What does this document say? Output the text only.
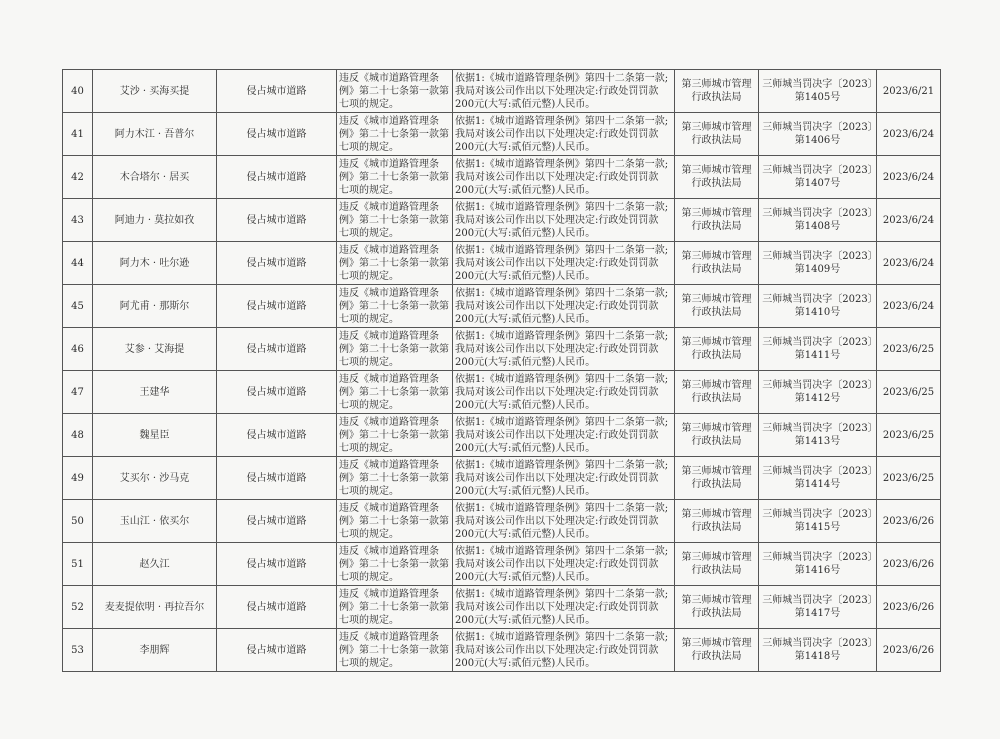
40	艾沙 · 买海买提	侵占城市道路	违反《城市道路管理条例》第二十七条第一款第七项的规定。	依据1:《城市道路管理条例》第四十二条第一款;我局对该公司作出以下处理决定:行政处罚罚款200元(大写:贰佰元整)人民币。	第三师城市管理行政执法局	三师城当罚决字〔2023〕第1405号	2023/6/21
41	阿力木江 · 吾普尔	侵占城市道路	违反《城市道路管理条例》第二十七条第一款第七项的规定。	依据1:《城市道路管理条例》第四十二条第一款;我局对该公司作出以下处理决定:行政处罚罚款200元(大写:贰佰元整)人民币。	第三师城市管理行政执法局	三师城当罚决字〔2023〕第1406号	2023/6/24
42	木合塔尔 · 居买	侵占城市道路	违反《城市道路管理条例》第二十七条第一款第七项的规定。	依据1:《城市道路管理条例》第四十二条第一款;我局对该公司作出以下处理决定:行政处罚罚款200元(大写:贰佰元整)人民币。	第三师城市管理行政执法局	三师城当罚决字〔2023〕第1407号	2023/6/24
43	阿迪力 · 莫拉如孜	侵占城市道路	违反《城市道路管理条例》第二十七条第一款第七项的规定。	依据1:《城市道路管理条例》第四十二条第一款;我局对该公司作出以下处理决定:行政处罚罚款200元(大写:贰佰元整)人民币。	第三师城市管理行政执法局	三师城当罚决字〔2023〕第1408号	2023/6/24
44	阿力木 · 吐尔逊	侵占城市道路	违反《城市道路管理条例》第二十七条第一款第七项的规定。	依据1:《城市道路管理条例》第四十二条第一款;我局对该公司作出以下处理决定:行政处罚罚款200元(大写:贰佰元整)人民币。	第三师城市管理行政执法局	三师城当罚决字〔2023〕第1409号	2023/6/24
45	阿尤甫 · 那斯尔	侵占城市道路	违反《城市道路管理条例》第二十七条第一款第七项的规定。	依据1:《城市道路管理条例》第四十二条第一款;我局对该公司作出以下处理决定:行政处罚罚款200元(大写:贰佰元整)人民币。	第三师城市管理行政执法局	三师城当罚决字〔2023〕第1410号	2023/6/24
46	艾参 · 艾海提	侵占城市道路	违反《城市道路管理条例》第二十七条第一款第七项的规定。	依据1:《城市道路管理条例》第四十二条第一款;我局对该公司作出以下处理决定:行政处罚罚款200元(大写:贰佰元整)人民币。	第三师城市管理行政执法局	三师城当罚决字〔2023〕第1411号	2023/6/25
47	王建华	侵占城市道路	违反《城市道路管理条例》第二十七条第一款第七项的规定。	依据1:《城市道路管理条例》第四十二条第一款;我局对该公司作出以下处理决定:行政处罚罚款200元(大写:贰佰元整)人民币。	第三师城市管理行政执法局	三师城当罚决字〔2023〕第1412号	2023/6/25
48	魏星臣	侵占城市道路	违反《城市道路管理条例》第二十七条第一款第七项的规定。	依据1:《城市道路管理条例》第四十二条第一款;我局对该公司作出以下处理决定:行政处罚罚款200元(大写:贰佰元整)人民币。	第三师城市管理行政执法局	三师城当罚决字〔2023〕第1413号	2023/6/25
49	艾买尔 · 沙马克	侵占城市道路	违反《城市道路管理条例》第二十七条第一款第七项的规定。	依据1:《城市道路管理条例》第四十二条第一款;我局对该公司作出以下处理决定:行政处罚罚款200元(大写:贰佰元整)人民币。	第三师城市管理行政执法局	三师城当罚决字〔2023〕第1414号	2023/6/25
50	玉山江 · 依买尔	侵占城市道路	违反《城市道路管理条例》第二十七条第一款第七项的规定。	依据1:《城市道路管理条例》第四十二条第一款;我局对该公司作出以下处理决定:行政处罚罚款200元(大写:贰佰元整)人民币。	第三师城市管理行政执法局	三师城当罚决字〔2023〕第1415号	2023/6/26
51	赵久江	侵占城市道路	违反《城市道路管理条例》第二十七条第一款第七项的规定。	依据1:《城市道路管理条例》第四十二条第一款;我局对该公司作出以下处理决定:行政处罚罚款200元(大写:贰佰元整)人民币。	第三师城市管理行政执法局	三师城当罚决字〔2023〕第1416号	2023/6/26
52	麦麦提依明 · 再拉吾尔	侵占城市道路	违反《城市道路管理条例》第二十七条第一款第七项的规定。	依据1:《城市道路管理条例》第四十二条第一款;我局对该公司作出以下处理决定:行政处罚罚款200元(大写:贰佰元整)人民币。	第三师城市管理行政执法局	三师城当罚决字〔2023〕第1417号	2023/6/26
53	李朋辉	侵占城市道路	违反《城市道路管理条例》第二十七条第一款第七项的规定。	依据1:《城市道路管理条例》第四十二条第一款;我局对该公司作出以下处理决定:行政处罚罚款200元(大写:贰佰元整)人民币。	第三师城市管理行政执法局	三师城当罚决字〔2023〕第1418号	2023/6/26
